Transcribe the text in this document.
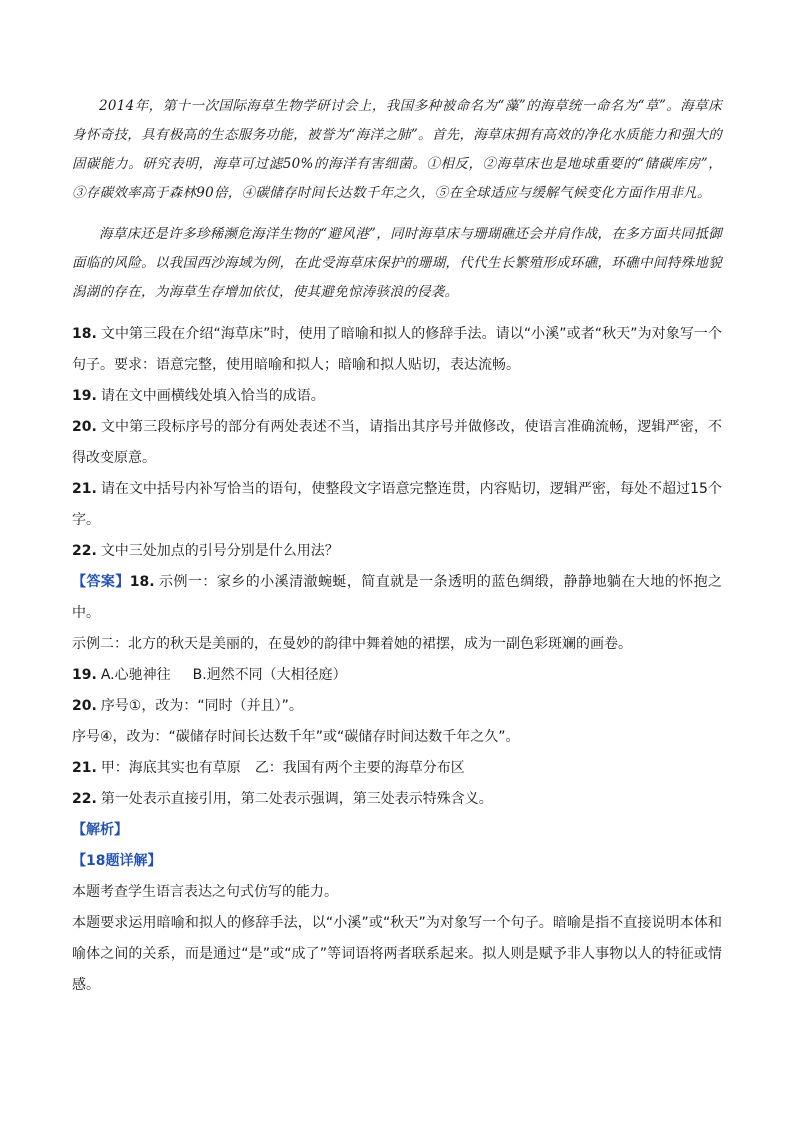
2014年，第十一次国际海草生物学研讨会上，我国多种被命名为“藻”的海草统一命名为“草”。海草床身怀奇技，具有极高的生态服务功能，被誉为“海洋之肺”。首先，海草床拥有高效的净化水质能力和强大的固碳能力。研究表明，海草可过滤50%的海洋有害细菌。①相反，②海草床也是地球重要的“储碳库房”，③存碳效率高于森林90倍，④碳储存时间长达数千年之久，⑤在全球适应与缓解气候变化方面作用非凡。

海草床还是许多珍稀濒危海洋生物的“避风港”，同时海草床与珊瑚礁还会并肩作战，在多方面共同抵御面临的风险。以我国西沙海域为例，在此受海草床保护的珊瑚，代代生长繁殖形成环礁，环礁中间特殊地貌潟湖的存在，为海草生存增加依仗，使其避免惊涛骇浪的侵袭。

18. 文中第三段在介绍“海草床”时，使用了暗喻和拟人的修辞手法。请以“小溪”或者“秋天”为对象写一个句子。要求：语意完整，使用暗喻和拟人；暗喻和拟人贴切，表达流畅。
19. 请在文中画横线处填入恰当的成语。
20. 文中第三段标序号的部分有两处表述不当，请指出其序号并做修改，使语言准确流畅，逻辑严密，不得改变原意。
21. 请在文中括号内补写恰当的语句，使整段文字语意完整连贯，内容贴切，逻辑严密，每处不超过15个字。
22. 文中三处加点的引号分别是什么用法？
【答案】18. 示例一：家乡的小溪清澈蜿蜒，简直就是一条透明的蓝色绸缎，静静地躺在大地的怀抱之中。
示例二：北方的秋天是美丽的，在曼妙的韵律中舞着她的裙摆，成为一副色彩斑斓的画卷。
19. A.心驰神往 B.迥然不同（大相径庭）
20. 序号①，改为：“同时（并且）”。
序号④，改为：“碳储存时间长达数千年”或“碳储存时间达数千年之久”。
21. 甲：海底其实也有草原 乙：我国有两个主要的海草分布区
22. 第一处表示直接引用，第二处表示强调，第三处表示特殊含义。
【解析】
【18题详解】
本题考查学生语言表达之句式仿写的能力。
本题要求运用暗喻和拟人的修辞手法，以“小溪”或“秋天”为对象写一个句子。暗喻是指不直接说明本体和喻体之间的关系，而是通过“是”或“成了”等词语将两者联系起来。拟人则是赋予非人事物以人的特征或情感。
